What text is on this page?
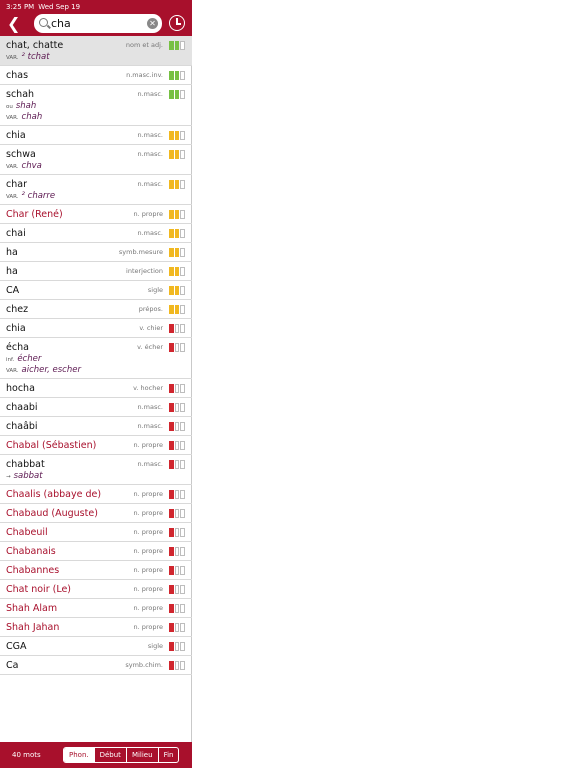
3:25 PM Wed Sep 19
◠ 100%
❮	cha	✕
chat, chatte	nom et adj.
VAR. ² tchat
chas	n.masc.inv.
schah	n.masc.
ou shah
VAR. chah
chia	n.masc.
schwa	n.masc.
VAR. chva
char	n.masc.
VAR. ² charre
Char (René)	n. propre
chai	n.masc.
ha	symb.mesure
ha	interjection
CA	sigle
chez	prépos.
chia	v. chier
écha	v. écher
inf. écher
VAR. aicher, escher
hocha	v. hocher
chaabi	n.masc.
chaâbi	n.masc.
Chabal (Sébastien)	n. propre
chabbat	n.masc.
→ sabbat
Chaalis (abbaye de)	n. propre
Chabaud (Auguste)	n. propre
Chabeuil	n. propre
Chabanais	n. propre
Chabannes	n. propre
Chat noir (Le)	n. propre
Shah Alam	n. propre
Shah Jahan	n. propre
CGA	sigle
Ca	symb.chim.
40 mots	Phon.	Début	Milieu	Fin
